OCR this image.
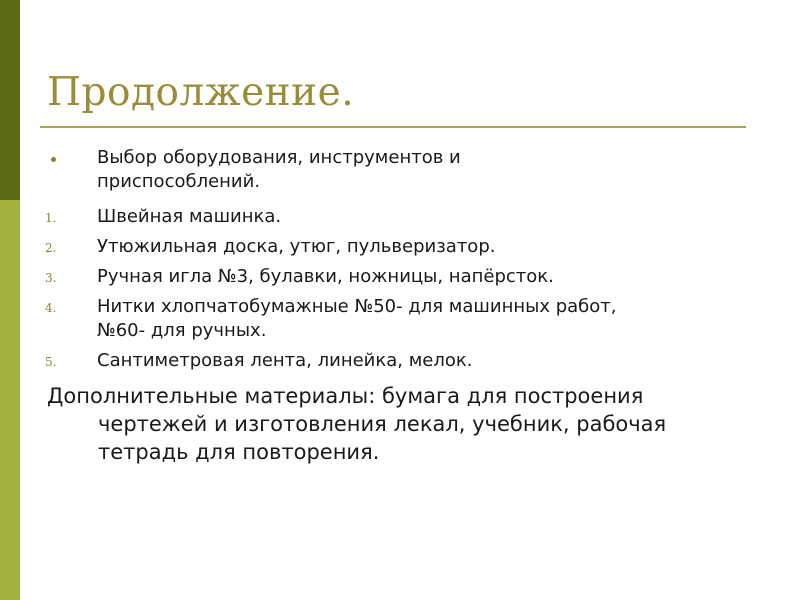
Продолжение.
Выбор оборудования, инструментов и
приспособлений.
1. Швейная машинка.
2. Утюжильная доска, утюг, пульверизатор.
3. Ручная игла №3, булавки, ножницы, напёрсток.
4. Нитки хлопчатобумажные №50- для машинных работ,
№60- для ручных.
5. Сантиметровая лента, линейка, мелок.
Дополнительные материалы: бумага для построения
чертежей и изготовления лекал, учебник, рабочая
тетрадь для повторения.
